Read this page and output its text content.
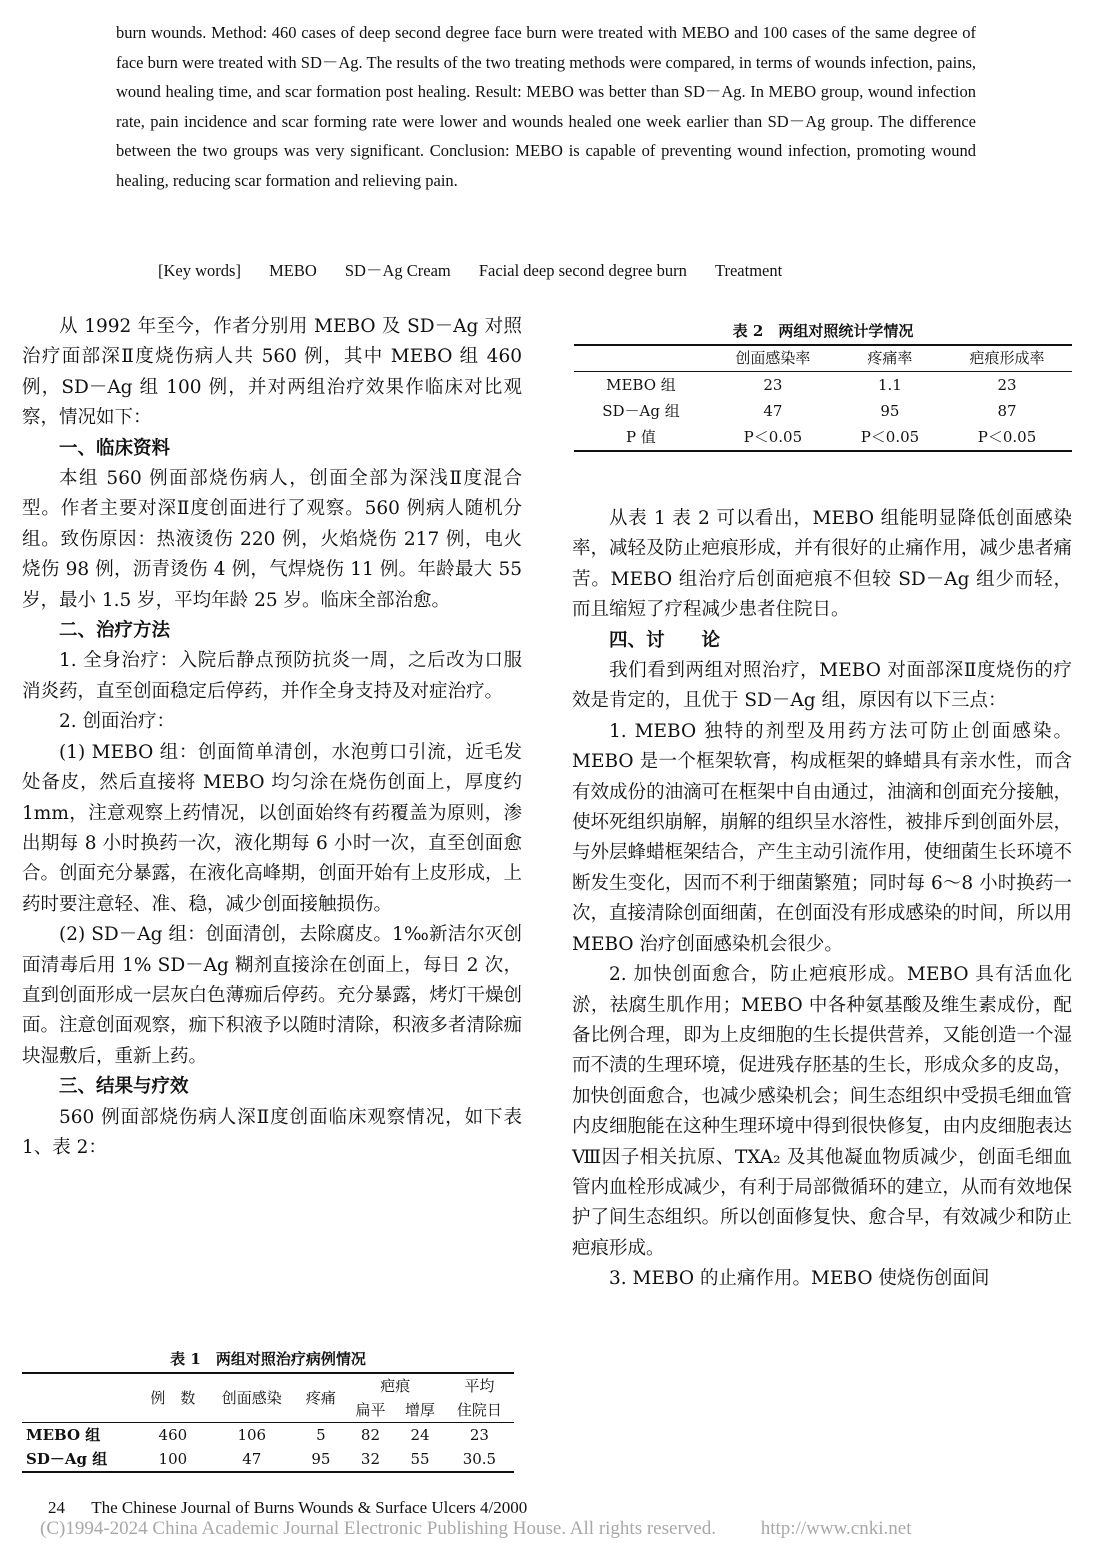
burn wounds. Method: 460 cases of deep second degree face burn were treated with MEBO and 100 cases of the same degree of face burn were treated with SD－Ag. The results of the two treating methods were compared, in terms of wounds infection, pains, wound healing time, and scar formation post healing. Result: MEBO was better than SD－Ag. In MEBO group, wound infection rate, pain incidence and scar forming rate were lower and wounds healed one week earlier than SD－Ag group. The difference between the two groups was very significant. Conclusion: MEBO is capable of preventing wound infection, promoting wound healing, reducing scar formation and relieving pain.

[Key words] MEBO SD－Ag Cream Facial deep second degree burn Treatment

从 1992 年至今，作者分别用 MEBO 及 SD－Ag 对照治疗面部深Ⅱ度烧伤病人共 560 例，其中 MEBO 组 460 例，SD－Ag 组 100 例，并对两组治疗效果作临床对比观察，情况如下：

一、临床资料

本组 560 例面部烧伤病人，创面全部为深浅Ⅱ度混合型。作者主要对深Ⅱ度创面进行了观察。560 例病人随机分组。致伤原因：热液烫伤 220 例，火焰烧伤 217 例，电火烧伤 98 例，沥青烫伤 4 例，气焊烧伤 11 例。年龄最大 55 岁，最小 1.5 岁，平均年龄 25 岁。临床全部治愈。

二、治疗方法

1. 全身治疗：入院后静点预防抗炎一周，之后改为口服消炎药，直至创面稳定后停药，并作全身支持及对症治疗。

2. 创面治疗：

(1) MEBO 组：创面简单清创，水泡剪口引流，近毛发处备皮，然后直接将 MEBO 均匀涂在烧伤创面上，厚度约 1mm，注意观察上药情况，以创面始终有药覆盖为原则，渗出期每 8 小时换药一次，液化期每 6 小时一次，直至创面愈合。创面充分暴露，在液化高峰期，创面开始有上皮形成，上药时要注意轻、准、稳，减少创面接触损伤。

(2) SD－Ag 组：创面清创，去除腐皮。1‰新洁尔灭创面清毒后用 1% SD－Ag 糊剂直接涂在创面上，每日 2 次，直到创面形成一层灰白色薄痂后停药。充分暴露，烤灯干燥创面。注意创面观察，痂下积液予以随时清除，积液多者清除痂块湿敷后，重新上药。

三、结果与疗效

560 例面部烧伤病人深Ⅱ度创面临床观察情况，如下表 1、表 2：

表 1　两组对照治疗病例情况
	例　数	创面感染	疼痛	疤痕		平均
				扁平	增厚	住院日
MEBO 组	460	106	5	82	24	23
SD－Ag 组	100	47	95	32	55	30.5
表 2　两组对照统计学情况
	创面感染率	疼痛率	疤痕形成率
MEBO 组	23	1.1	23
SD－Ag 组	47	95	87
P 值	P＜0.05	P＜0.05	P＜0.05

从表 1 表 2 可以看出，MEBO 组能明显降低创面感染率，减轻及防止疤痕形成，并有很好的止痛作用，减少患者痛苦。MEBO 组治疗后创面疤痕不但较 SD－Ag 组少而轻，而且缩短了疗程减少患者住院日。

四、讨　　论

我们看到两组对照治疗，MEBO 对面部深Ⅱ度烧伤的疗效是肯定的，且优于 SD－Ag 组，原因有以下三点：

1. MEBO 独特的剂型及用药方法可防止创面感染。MEBO 是一个框架软膏，构成框架的蜂蜡具有亲水性，而含有效成份的油滴可在框架中自由通过，油滴和创面充分接触，使坏死组织崩解，崩解的组织呈水溶性，被排斥到创面外层，与外层蜂蜡框架结合，产生主动引流作用，使细菌生长环境不断发生变化，因而不利于细菌繁殖；同时每 6～8 小时换药一次，直接清除创面细菌，在创面没有形成感染的时间，所以用 MEBO 治疗创面感染机会很少。

2. 加快创面愈合，防止疤痕形成。MEBO 具有活血化淤，祛腐生肌作用；MEBO 中各种氨基酸及维生素成份，配备比例合理，即为上皮细胞的生长提供营养，又能创造一个湿而不渍的生理环境，促进残存胚基的生长，形成众多的皮岛，加快创面愈合，也减少感染机会；间生态组织中受损毛细血管内皮细胞能在这种生理环境中得到很快修复，由内皮细胞表达Ⅷ因子相关抗原、TXA₂ 及其他凝血物质减少，创面毛细血管内血栓形成减少，有利于局部微循环的建立，从而有效地保护了间生态组织。所以创面修复快、愈合早，有效减少和防止疤痕形成。

3. MEBO 的止痛作用。MEBO 使烧伤创面间

24 The Chinese Journal of Burns Wounds & Surface Ulcers 4/2000
(C)1994-2024 China Academic Journal Electronic Publishing House. All rights reserved. http://www.cnki.net
